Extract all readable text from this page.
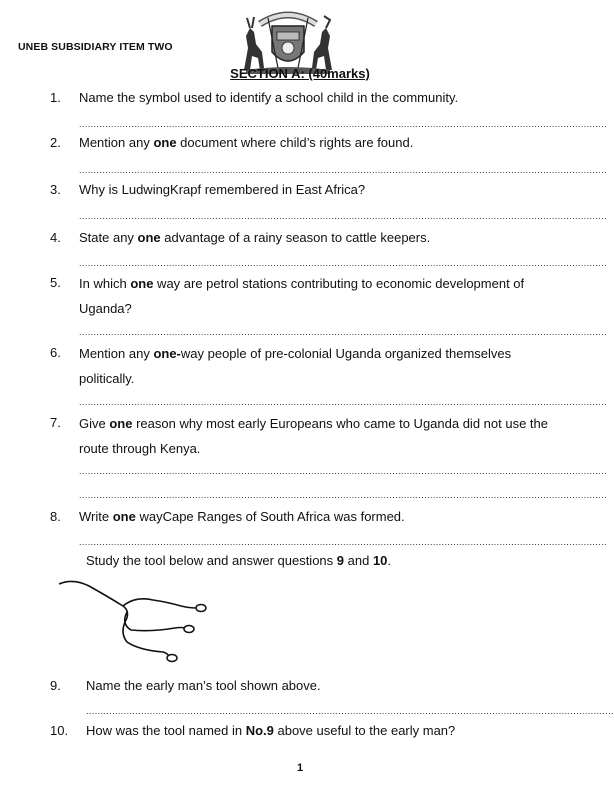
UNEB SUBSIDIARY ITEM TWO
SECTION A: (40marks)
1. Name the symbol used to identify a school child in the community.
......................................................................................................................................................................................
2. Mention any one document where child’s rights are found.
......................................................................................................................................................................................
3. Why is LudwingKrapf remembered in East Africa?
......................................................................................................................................................................................
4. State any one advantage of a rainy season to cattle keepers.
......................................................................................................................................................................................
5. In which one way are petrol stations contributing to economic development of Uganda?
......................................................................................................................................................................................
6. Mention any one-way people of pre-colonial Uganda organized themselves politically.
......................................................................................................................................................................................
7. Give one reason why most early Europeans who came to Uganda did not use the route through Kenya.
......................................................................................................................................................................................
......................................................................................................................................................................................
8. Write one wayCape Ranges of South Africa was formed.
......................................................................................................................................................................................
Study the tool below and answer questions 9 and 10.
9. Name the early man’s tool shown above.
......................................................................................................................................................................................
10. How was the tool named in No.9 above useful to the early man?
1
